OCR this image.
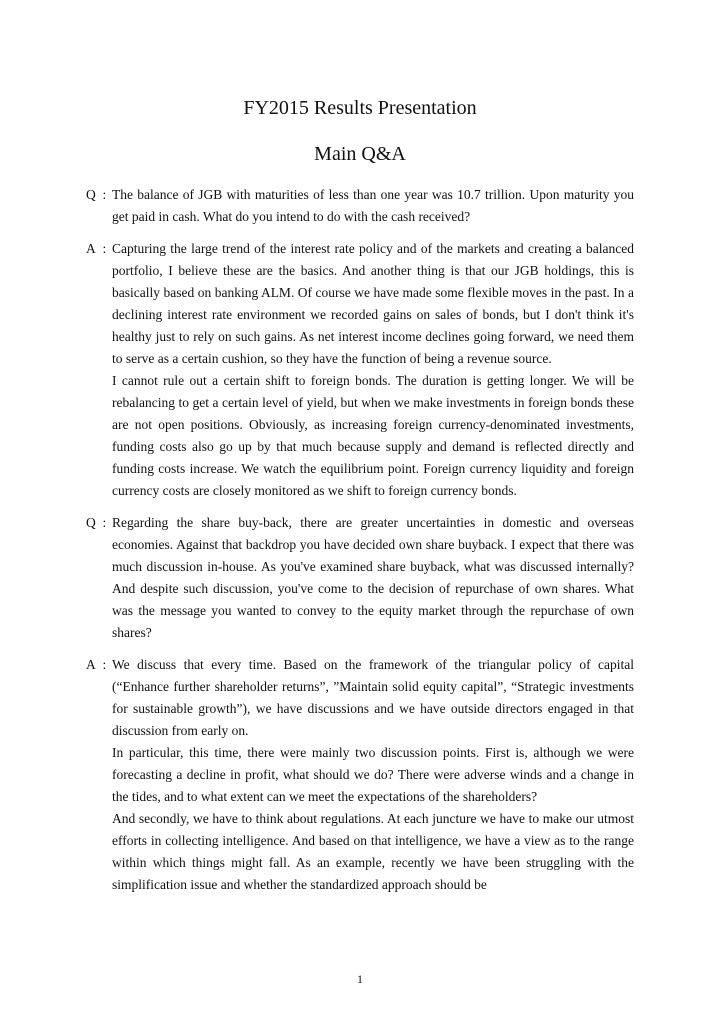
FY2015 Results Presentation
Main Q&A
Q  : The balance of JGB with maturities of less than one year was 10.7 trillion. Upon maturity you get paid in cash. What do you intend to do with the cash received?

A  : Capturing the large trend of the interest rate policy and of the markets and creating a balanced portfolio, I believe these are the basics. And another thing is that our JGB holdings, this is basically based on banking ALM. Of course we have made some flexible moves in the past. In a declining interest rate environment we recorded gains on sales of bonds, but I don't think it's healthy just to rely on such gains. As net interest income declines going forward, we need them to serve as a certain cushion, so they have the function of being a revenue source.

I cannot rule out a certain shift to foreign bonds. The duration is getting longer. We will be rebalancing to get a certain level of yield, but when we make investments in foreign bonds these are not open positions. Obviously, as increasing foreign currency-denominated investments, funding costs also go up by that much because supply and demand is reflected directly and funding costs increase. We watch the equilibrium point. Foreign currency liquidity and foreign currency costs are closely monitored as we shift to foreign currency bonds.

Q  : Regarding the share buy-back, there are greater uncertainties in domestic and overseas economies. Against that backdrop you have decided own share buyback. I expect that there was much discussion in-house. As you've examined share buyback, what was discussed internally? And despite such discussion, you've come to the decision of repurchase of own shares. What was the message you wanted to convey to the equity market through the repurchase of own shares?

A  : We discuss that every time. Based on the framework of the triangular policy of capital (“Enhance further shareholder returns”, ”Maintain solid equity capital”, “Strategic investments for sustainable growth”), we have discussions and we have outside directors engaged in that discussion from early on.

In particular, this time, there were mainly two discussion points. First is, although we were forecasting a decline in profit, what should we do? There were adverse winds and a change in the tides, and to what extent can we meet the expectations of the shareholders?

And secondly, we have to think about regulations. At each juncture we have to make our utmost efforts in collecting intelligence. And based on that intelligence, we have a view as to the range within which things might fall. As an example, recently we have been struggling with the simplification issue and whether the standardized approach should be

1
